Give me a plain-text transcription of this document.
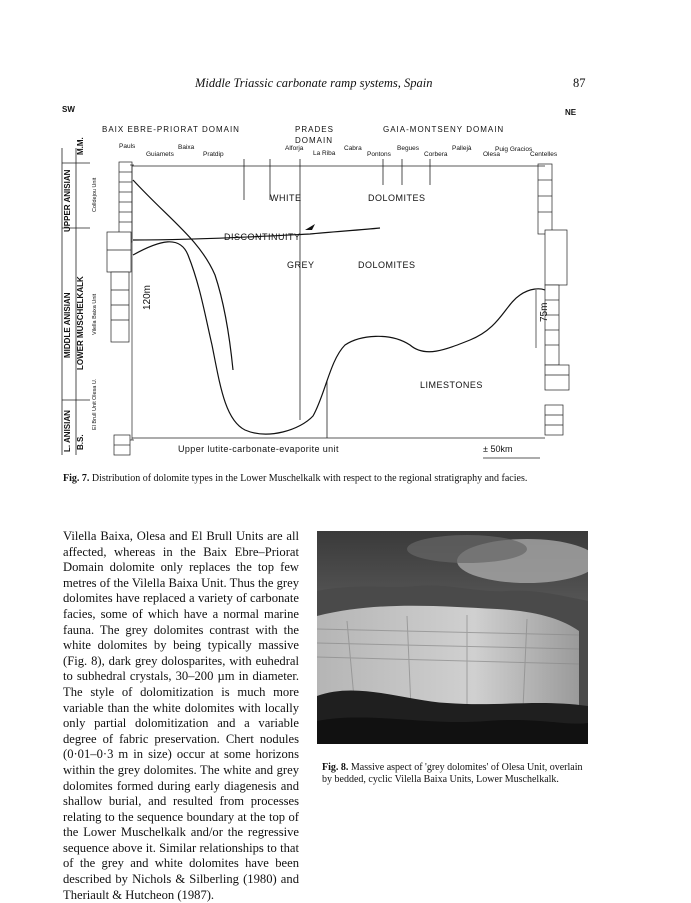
Middle Triassic carbonate ramp systems, Spain	87
SW	NE
BAIX EBRE-PRIORAT DOMAIN	PRADES
DOMAIN
GAIA-MONTSENY DOMAIN
Pauls	Baixa	Alforja	Cabra	Begues	Pallejà	Puig Gracios
Guiamets	Pratdip	La Riba	Pontons	Corbera	Olesa	Centelles
UPPER ANISIAN
MIDDLE ANISIAN
L. ANISIAN
M.M.
LOWER MUSCHELKALK
B.S.
Colldejou Unit
Vilella Baixa Unit
Olesa U.
El Brull Unit
120m
75m
WHITE	DOLOMITES
DISCONTINUITY
GREY	DOLOMITES
LIMESTONES
Upper lutite-carbonate-evaporite unit	± 50km
Fig. 7. Distribution of dolomite types in the Lower Muschelkalk with respect to the regional stratigraphy and facies.
Vilella Baixa, Olesa and El Brull Units are all affected, whereas in the Baix Ebre–Priorat Domain dolomite only replaces the top few metres of the Vilella Baixa Unit. Thus the grey dolomites have replaced a variety of carbonate facies, some of which have a normal marine fauna. The grey dolomites contrast with the white dolomites by being typically massive (Fig. 8), dark grey dolosparites, with euhedral to subhedral crystals, 30–200 µm in diameter. The style of dolomitization is much more variable than the white dolomites with locally only partial dolomitization and a variable degree of fabric preservation. Chert nodules (0·01–0·3 m in size) occur at some horizons within the grey dolomites. The white and grey dolomites formed during early diagenesis and shallow burial, and resulted from processes relating to the sequence boundary at the top of the Lower Muschelkalk and/or the regressive sequence above it. Similar relationships to that of the grey and white dolomites have been described by Nichols & Silberling (1980) and Theriault & Hutcheon (1987).
Fig. 8. Massive aspect of 'grey dolomites' of Olesa Unit, overlain by bedded, cyclic Vilella Baixa Units, Lower Muschelkalk.
